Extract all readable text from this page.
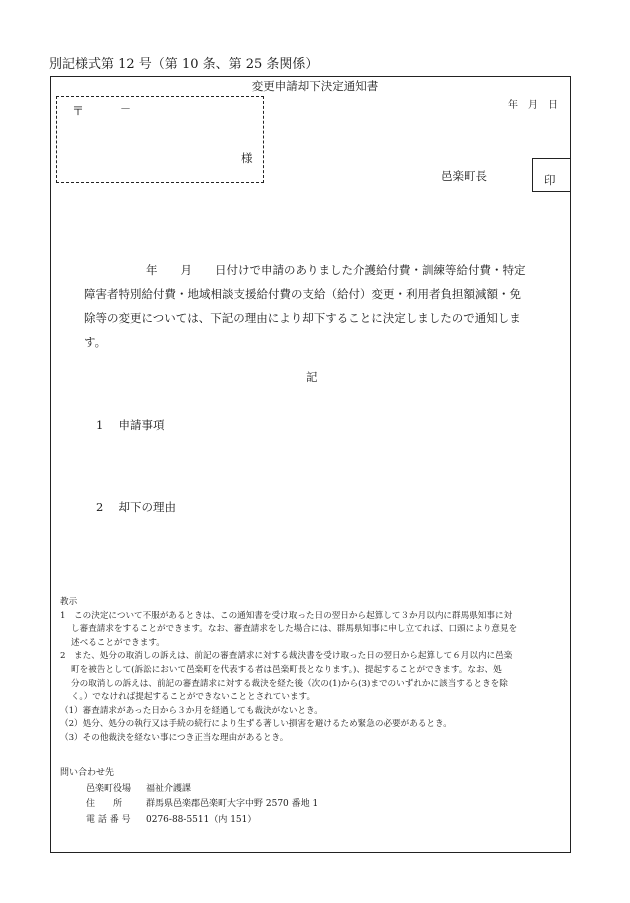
別記様式第 12 号（第 10 条、第 25 条関係）
変更申請却下決定通知書
年　月　日
〒	－
様
邑楽町長	印
年　　月　　日付けで申請のありました介護給付費・訓練等給付費・特定
障害者特別給付費・地域相談支援給付費の支給（給付）変更・利用者負担額減額・免
除等の変更については、下記の理由により却下することに決定しましたので通知しま
す。
記
1　 申請事項
2　 却下の理由
教示
1　この決定について不服があるときは、この通知書を受け取った日の翌日から起算して３か月以内に群馬県知事に対
し審査請求をすることができます。なお、審査請求をした場合には、群馬県知事に申し立てれば、口頭により意見を
述べることができます。
2　また、処分の取消しの訴えは、前記の審査請求に対する裁決書を受け取った日の翌日から起算して６月以内に邑楽
町を被告として(訴訟において邑楽町を代表する者は邑楽町長となります。)、提起することができます。なお、処
分の取消しの訴えは、前記の審査請求に対する裁決を経た後（次の(1)から(3)までのいずれかに該当するときを除
く。）でなければ提起することができないこととされています。
（1）審査請求があった日から３か月を経過しても裁決がないとき。
（2）処分、処分の執行又は手続の続行により生ずる著しい損害を避けるため緊急の必要があるとき。
（3）その他裁決を経ない事につき正当な理由があるとき。
問い合わせ先
邑楽町役場 福祉介護課
住　　所	群馬県邑楽郡邑楽町大字中野 2570 番地 1
電 話 番 号 0276-88-5511（内 151）
